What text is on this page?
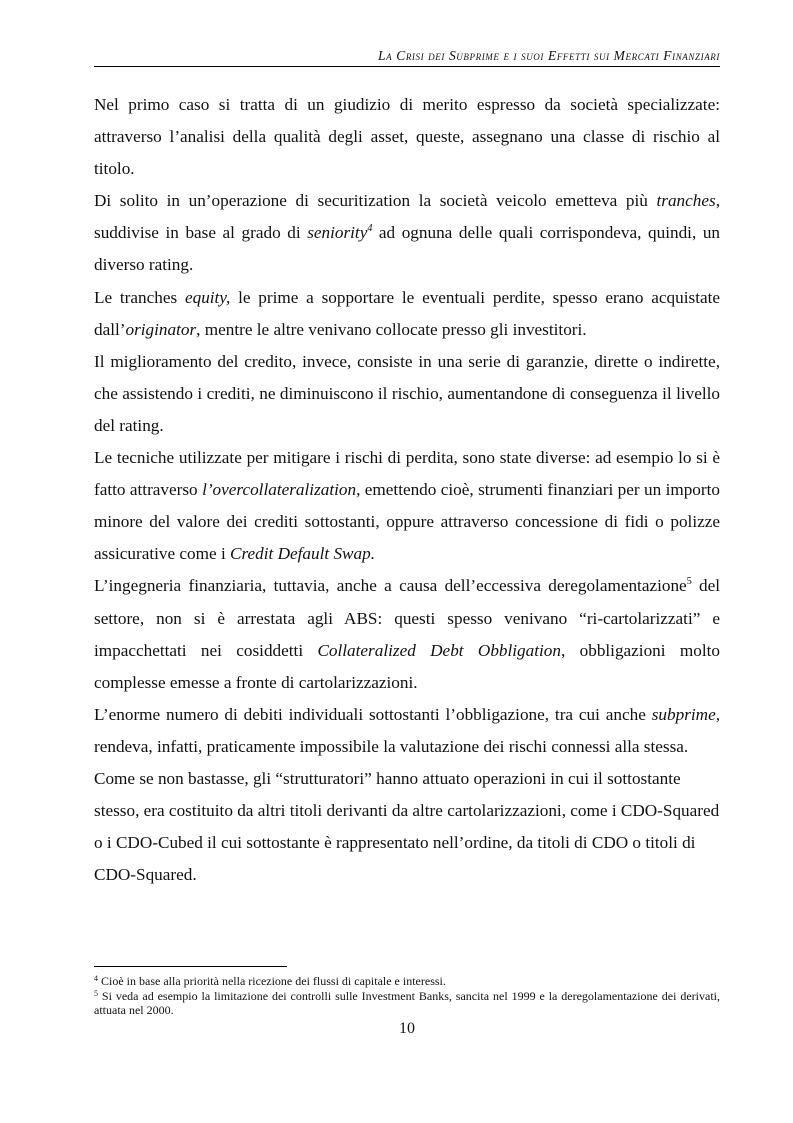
La Crisi dei Subprime e i suoi Effetti sui Mercati Finanziari

Nel primo caso si tratta di un giudizio di merito espresso da società specializzate: attraverso l’analisi della qualità degli asset, queste, assegnano una classe di rischio al titolo.

Di solito in un’operazione di securitization la società veicolo emetteva più tranches, suddivise in base al grado di seniority$^4$ ad ognuna delle quali corrispondeva, quindi, un diverso rating.

Le tranches equity, le prime a sopportare le eventuali perdite, spesso erano acquistate dall’originator, mentre le altre venivano collocate presso gli investitori.

Il miglioramento del credito, invece, consiste in una serie di garanzie, dirette o indirette, che assistendo i crediti, ne diminuiscono il rischio, aumentandone di conseguenza il livello del rating.

Le tecniche utilizzate per mitigare i rischi di perdita, sono state diverse: ad esempio lo si è fatto attraverso l’overcollateralization, emettendo cioè, strumenti finanziari per un importo minore del valore dei crediti sottostanti, oppure attraverso concessione di fidi o polizze assicurative come i Credit Default Swap.

L’ingegneria finanziaria, tuttavia, anche a causa dell’eccessiva deregolamentazione$^5$ del settore, non si è arrestata agli ABS: questi spesso venivano “ri-cartolarizzati” e impacchettati nei cosiddetti Collateralized Debt Obbligation, obbligazioni molto complesse emesse a fronte di cartolarizzazioni.

L’enorme numero di debiti individuali sottostanti l’obbligazione, tra cui anche subprime, rendeva, infatti, praticamente impossibile la valutazione dei rischi connessi alla stessa.

Come se non bastasse, gli “strutturatori” hanno attuato operazioni in cui il sottostante stesso, era costituito da altri titoli derivanti da altre cartolarizzazioni, come i CDO-Squared o i CDO-Cubed il cui sottostante è rappresentato nell’ordine, da titoli di CDO o titoli di CDO-Squared.

$^4$ Cioè in base alla priorità nella ricezione dei flussi di capitale e interessi.

$^5$ Si veda ad esempio la limitazione dei controlli sulle Investment Banks, sancita nel 1999 e la deregolamentazione dei derivati, attuata nel 2000.

10
